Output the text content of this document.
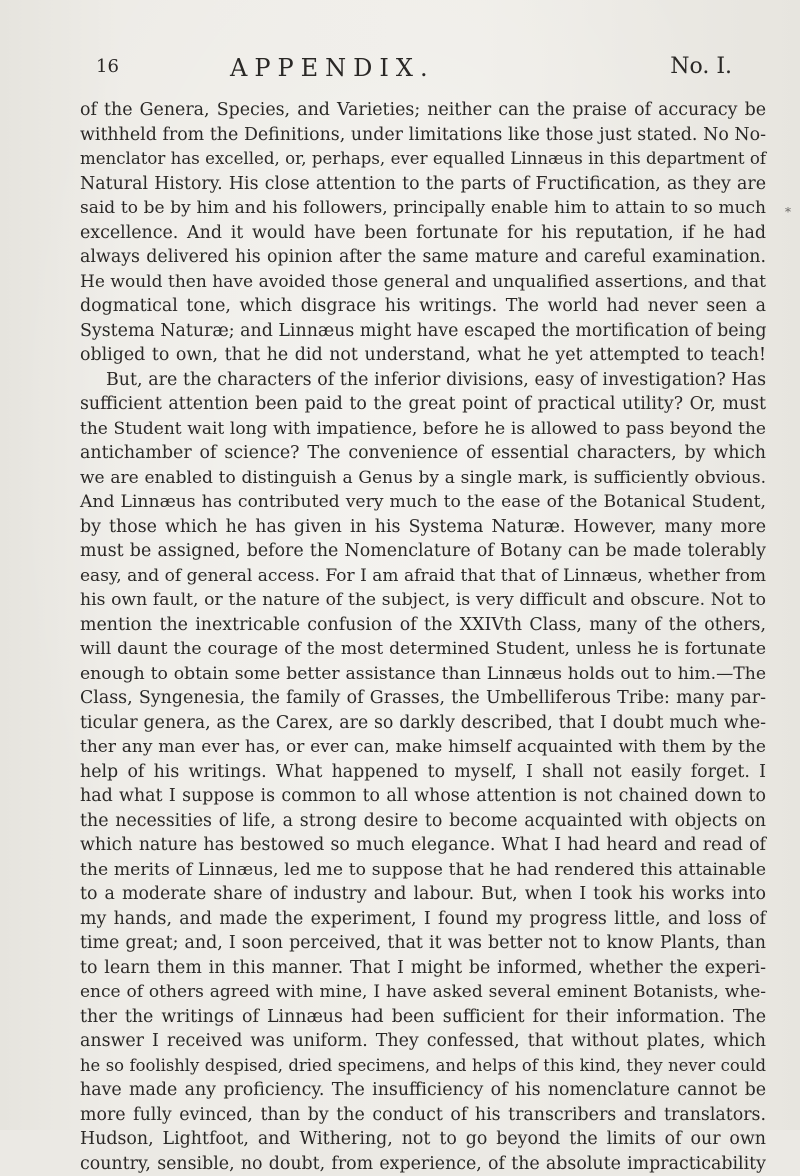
16	APPENDIX.	No. I.
*
of the Genera, Species, and Varieties; neither can the praise of accuracy be
withheld from the Definitions, under limitations like those just stated. No No-
menclator has excelled, or, perhaps, ever equalled Linnæus in this department of
Natural History. His close attention to the parts of Fructification, as they are
said to be by him and his followers, principally enable him to attain to so much
excellence. And it would have been fortunate for his reputation, if he had
always delivered his opinion after the same mature and careful examination.
He would then have avoided those general and unqualified assertions, and that
dogmatical tone, which disgrace his writings. The world had never seen a
Systema Naturæ; and Linnæus might have escaped the mortification of being
obliged to own, that he did not understand, what he yet attempted to teach!
But, are the characters of the inferior divisions, easy of investigation? Has
sufficient attention been paid to the great point of practical utility? Or, must
the Student wait long with impatience, before he is allowed to pass beyond the
antichamber of science? The convenience of essential characters, by which
we are enabled to distinguish a Genus by a single mark, is sufficiently obvious.
And Linnæus has contributed very much to the ease of the Botanical Student,
by those which he has given in his Systema Naturæ. However, many more
must be assigned, before the Nomenclature of Botany can be made tolerably
easy, and of general access. For I am afraid that that of Linnæus, whether from
his own fault, or the nature of the subject, is very difficult and obscure. Not to
mention the inextricable confusion of the XXIVth Class, many of the others,
will daunt the courage of the most determined Student, unless he is fortunate
enough to obtain some better assistance than Linnæus holds out to him.—The
Class, Syngenesia, the family of Grasses, the Umbelliferous Tribe: many par-
ticular genera, as the Carex, are so darkly described, that I doubt much whe-
ther any man ever has, or ever can, make himself acquainted with them by the
help of his writings. What happened to myself, I shall not easily forget. I
had what I suppose is common to all whose attention is not chained down to
the necessities of life, a strong desire to become acquainted with objects on
which nature has bestowed so much elegance. What I had heard and read of
the merits of Linnæus, led me to suppose that he had rendered this attainable
to a moderate share of industry and labour. But, when I took his works into
my hands, and made the experiment, I found my progress little, and loss of
time great; and, I soon perceived, that it was better not to know Plants, than
to learn them in this manner. That I might be informed, whether the experi-
ence of others agreed with mine, I have asked several eminent Botanists, whe-
ther the writings of Linnæus had been sufficient for their information. The
answer I received was uniform. They confessed, that without plates, which
he so foolishly despised, dried specimens, and helps of this kind, they never could
have made any proficiency. The insufficiency of his nomenclature cannot be
more fully evinced, than by the conduct of his transcribers and translators.
Hudson, Lightfoot, and Withering, not to go beyond the limits of our own
country, sensible, no doubt, from experience, of the absolute impracticability
